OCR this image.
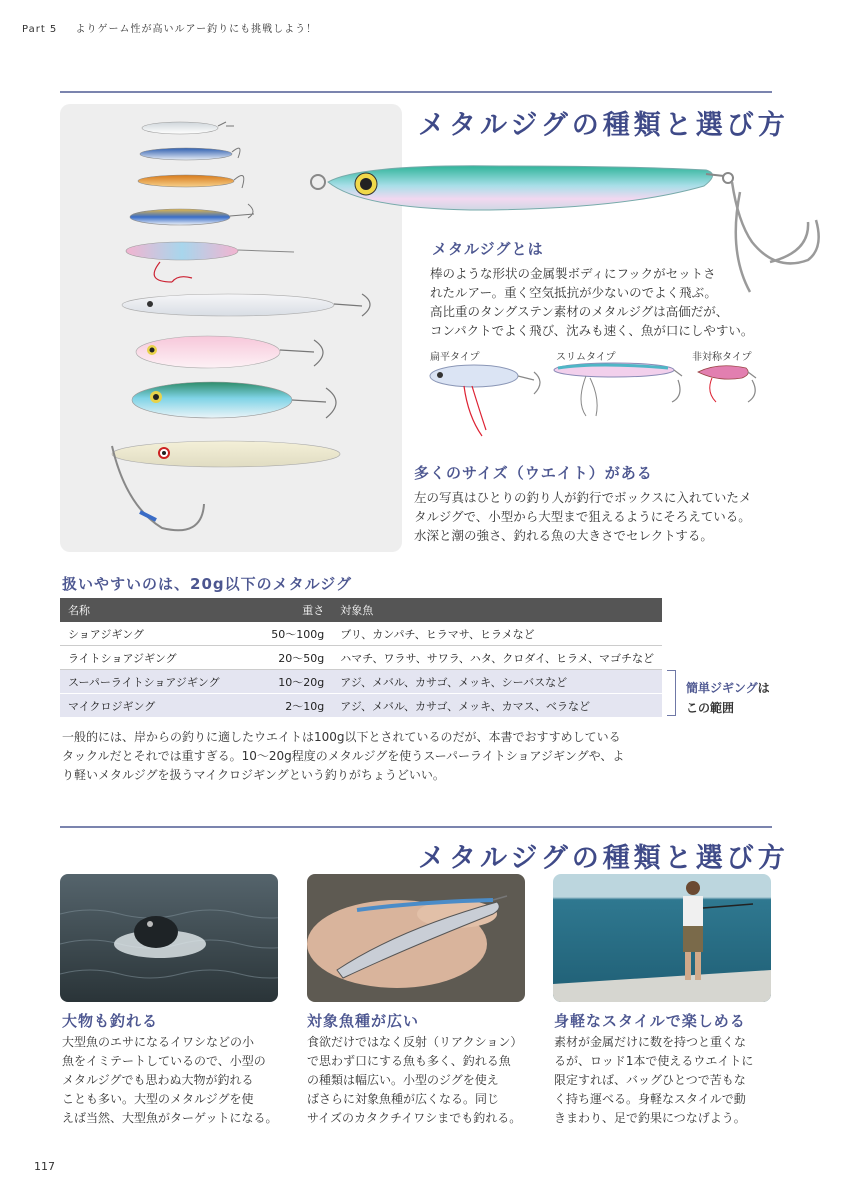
Part 5 よりゲーム性が高いルアー釣りにも挑戦しよう！
メタルジグの種類と選び方
メタルジグとは
棒のような形状の金属製ボディにフックがセットさ
れたルアー。重く空気抵抗が少ないのでよく飛ぶ。
高比重のタングステン素材のメタルジグは高価だが、
コンパクトでよく飛び、沈みも速く、魚が口にしやすい。
扁平タイプ	スリムタイプ	非対称タイプ
多くのサイズ（ウエイト）がある
左の写真はひとりの釣り人が釣行でボックスに入れていたメ
タルジグで、小型から大型まで狙えるようにそろえている。
水深と潮の強さ、釣れる魚の大きさでセレクトする。
扱いやすいのは、20g以下のメタルジグ
名称	重さ	対象魚
ショアジギング	50〜100g	ブリ、カンパチ、ヒラマサ、ヒラメなど
ライトショアジギング	20〜50g	ハマチ、ワラサ、サワラ、ハタ、クロダイ、ヒラメ、マゴチなど
スーパーライトショアジギング	10〜20g	アジ、メバル、カサゴ、メッキ、シーバスなど
マイクロジギング	2〜10g	アジ、メバル、カサゴ、メッキ、カマス、ベラなど
簡単ジギングは
この範囲
一般的には、岸からの釣りに適したウエイトは100g以下とされているのだが、本書でおすすめしている
タックルだとそれでは重すぎる。10〜20g程度のメタルジグを使うスーパーライトショアジギングや、よ
り軽いメタルジグを扱うマイクロジギングという釣りがちょうどいい。
メタルジグの種類と選び方
大物も釣れる
大型魚のエサになるイワシなどの小
魚をイミテートしているので、小型の
メタルジグでも思わぬ大物が釣れる
ことも多い。大型のメタルジグを使
えば当然、大型魚がターゲットになる。
対象魚種が広い
食欲だけではなく反射（リアクション）
で思わず口にする魚も多く、釣れる魚
の種類は幅広い。小型のジグを使え
ばさらに対象魚種が広くなる。同じ
サイズのカタクチイワシまでも釣れる。
身軽なスタイルで楽しめる
素材が金属だけに数を持つと重くな
るが、ロッド1本で使えるウエイトに
限定すれば、バッグひとつで苦もな
く持ち運べる。身軽なスタイルで動
きまわり、足で釣果につなげよう。
117
